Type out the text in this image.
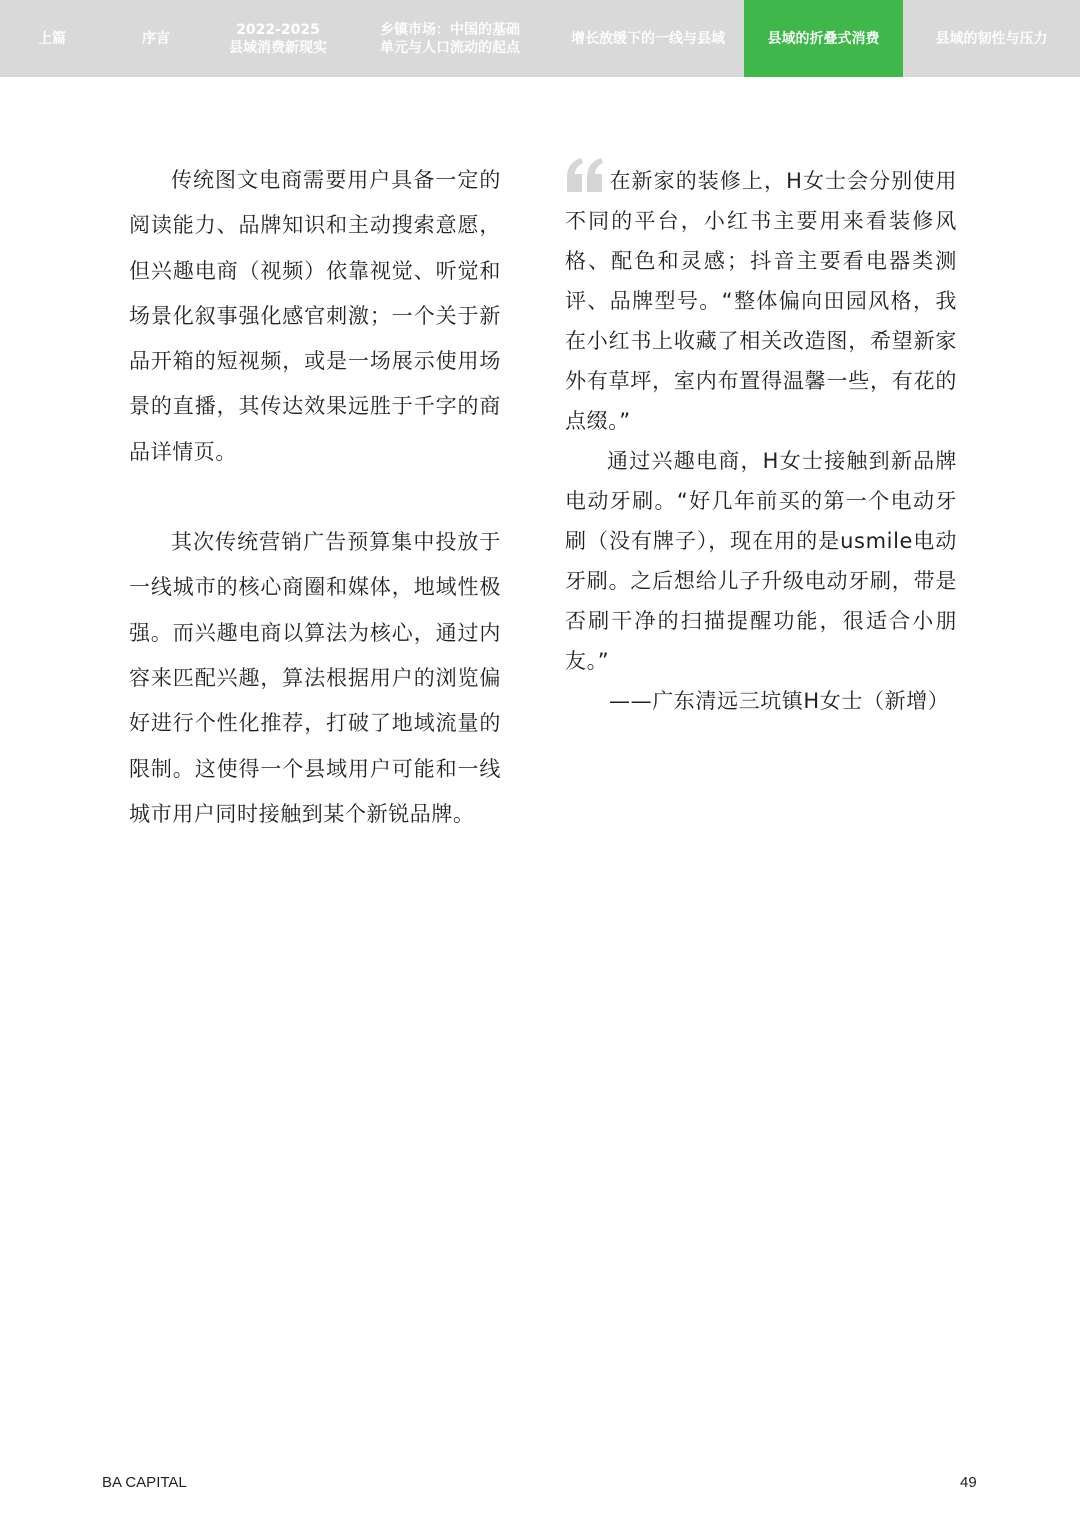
上篇	序言
2022-2025
县域消费新现实
乡镇市场：中国的基础
单元与人口流动的起点
增长放缓下的一线与县域	县域的折叠式消费	县域的韧性与压力

传统图文电商需要用户具备一定的阅读能力、品牌知识和主动搜索意愿，但兴趣电商（视频）依靠视觉、听觉和场景化叙事强化感官刺激；一个关于新品开箱的短视频，或是一场展示使用场景的直播，其传达效果远胜于千字的商品详情页。

其次传统营销广告预算集中投放于一线城市的核心商圈和媒体，地域性极强。而兴趣电商以算法为核心，通过内容来匹配兴趣，算法根据用户的浏览偏好进行个性化推荐，打破了地域流量的限制。这使得一个县域用户可能和一线城市用户同时接触到某个新锐品牌。

在新家的装修上，H女士会分别使用不同的平台，小红书主要用来看装修风格、配色和灵感；抖音主要看电器类测评、品牌型号。“整体偏向田园风格，我在小红书上收藏了相关改造图，希望新家外有草坪，室内布置得温馨一些，有花的点缀。”

通过兴趣电商，H女士接触到新品牌电动牙刷。“好几年前买的第一个电动牙刷（没有牌子），现在用的是usmile电动牙刷。之后想给儿子升级电动牙刷，带是否刷干净的扫描提醒功能，很适合小朋友。”

——广东清远三坑镇H女士（新增）

BA CAPITAL	49
